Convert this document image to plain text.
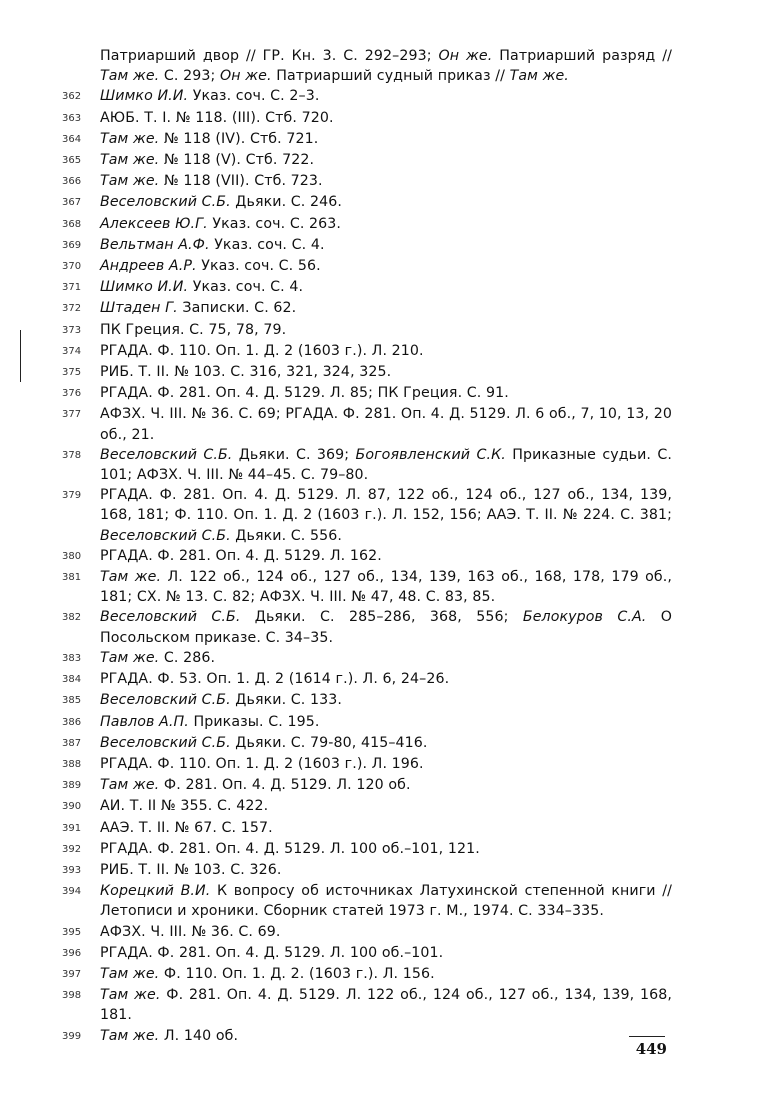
Патриарший двор // ГР. Кн. 3. С. 292–293; Он же. Патриарший разряд // Там же. С. 293; Он же. Патриарший судный приказ // Там же.
362	Шимко И.И. Указ. соч. С. 2–3.
363	АЮБ. Т. I. № 118. (III). Стб. 720.
364	Там же. № 118 (IV). Стб. 721.
365	Там же. № 118 (V). Стб. 722.
366	Там же. № 118 (VII). Стб. 723.
367	Веселовский С.Б. Дьяки. С. 246.
368	Алексеев Ю.Г. Указ. соч. С. 263.
369	Вельтман А.Ф. Указ. соч. С. 4.
370	Андреев А.Р. Указ. соч. С. 56.
371	Шимко И.И. Указ. соч. С. 4.
372	Штаден Г. Записки. С. 62.
373	ПК Греция. С. 75, 78, 79.
374	РГАДА. Ф. 110. Оп. 1. Д. 2 (1603 г.). Л. 210.
375	РИБ. Т. II. № 103. С. 316, 321, 324, 325.
376	РГАДА. Ф. 281. Оп. 4. Д. 5129. Л. 85; ПК Греция. С. 91.
377	АФЗХ. Ч. III. № 36. С. 69; РГАДА. Ф. 281. Оп. 4. Д. 5129. Л. 6 об., 7, 10, 13, 20 об., 21.
378	Веселовский С.Б. Дьяки. С. 369; Богоявленский С.К. Приказные судьи. С. 101; АФЗХ. Ч. III. № 44–45. С. 79–80.
379	РГАДА. Ф. 281. Оп. 4. Д. 5129. Л. 87, 122 об., 124 об., 127 об., 134, 139, 168, 181; Ф. 110. Оп. 1. Д. 2 (1603 г.). Л. 152, 156; ААЭ. Т. II. № 224. С. 381; Веселовский С.Б. Дьяки. С. 556.
380	РГАДА. Ф. 281. Оп. 4. Д. 5129. Л. 162.
381	Там же. Л. 122 об., 124 об., 127 об., 134, 139, 163 об., 168, 178, 179 об., 181; СХ. № 13. С. 82; АФЗХ. Ч. III. № 47, 48. С. 83, 85.
382	Веселовский С.Б. Дьяки. С. 285–286, 368, 556; Белокуров С.А. О Посольском приказе. С. 34–35.
383	Там же. С. 286.
384	РГАДА. Ф. 53. Оп. 1. Д. 2 (1614 г.). Л. 6, 24–26.
385	Веселовский С.Б. Дьяки. С. 133.
386	Павлов А.П. Приказы. С. 195.
387	Веселовский С.Б. Дьяки. С. 79-80, 415–416.
388	РГАДА. Ф. 110. Оп. 1. Д. 2 (1603 г.). Л. 196.
389	Там же. Ф. 281. Оп. 4. Д. 5129. Л. 120 об.
390	АИ. Т. II № 355. С. 422.
391	ААЭ. Т. II. № 67. С. 157.
392	РГАДА. Ф. 281. Оп. 4. Д. 5129. Л. 100 об.–101, 121.
393	РИБ. Т. II. № 103. С. 326.
394	Корецкий В.И. К вопросу об источниках Латухинской степенной книги // Летописи и хроники. Сборник статей 1973 г. М., 1974. С. 334–335.
395	АФЗХ. Ч. III. № 36. С. 69.
396	РГАДА. Ф. 281. Оп. 4. Д. 5129. Л. 100 об.–101.
397	Там же. Ф. 110. Оп. 1. Д. 2. (1603 г.). Л. 156.
398	Там же. Ф. 281. Оп. 4. Д. 5129. Л. 122 об., 124 об., 127 об., 134, 139, 168, 181.
399	Там же. Л. 140 об.
449
